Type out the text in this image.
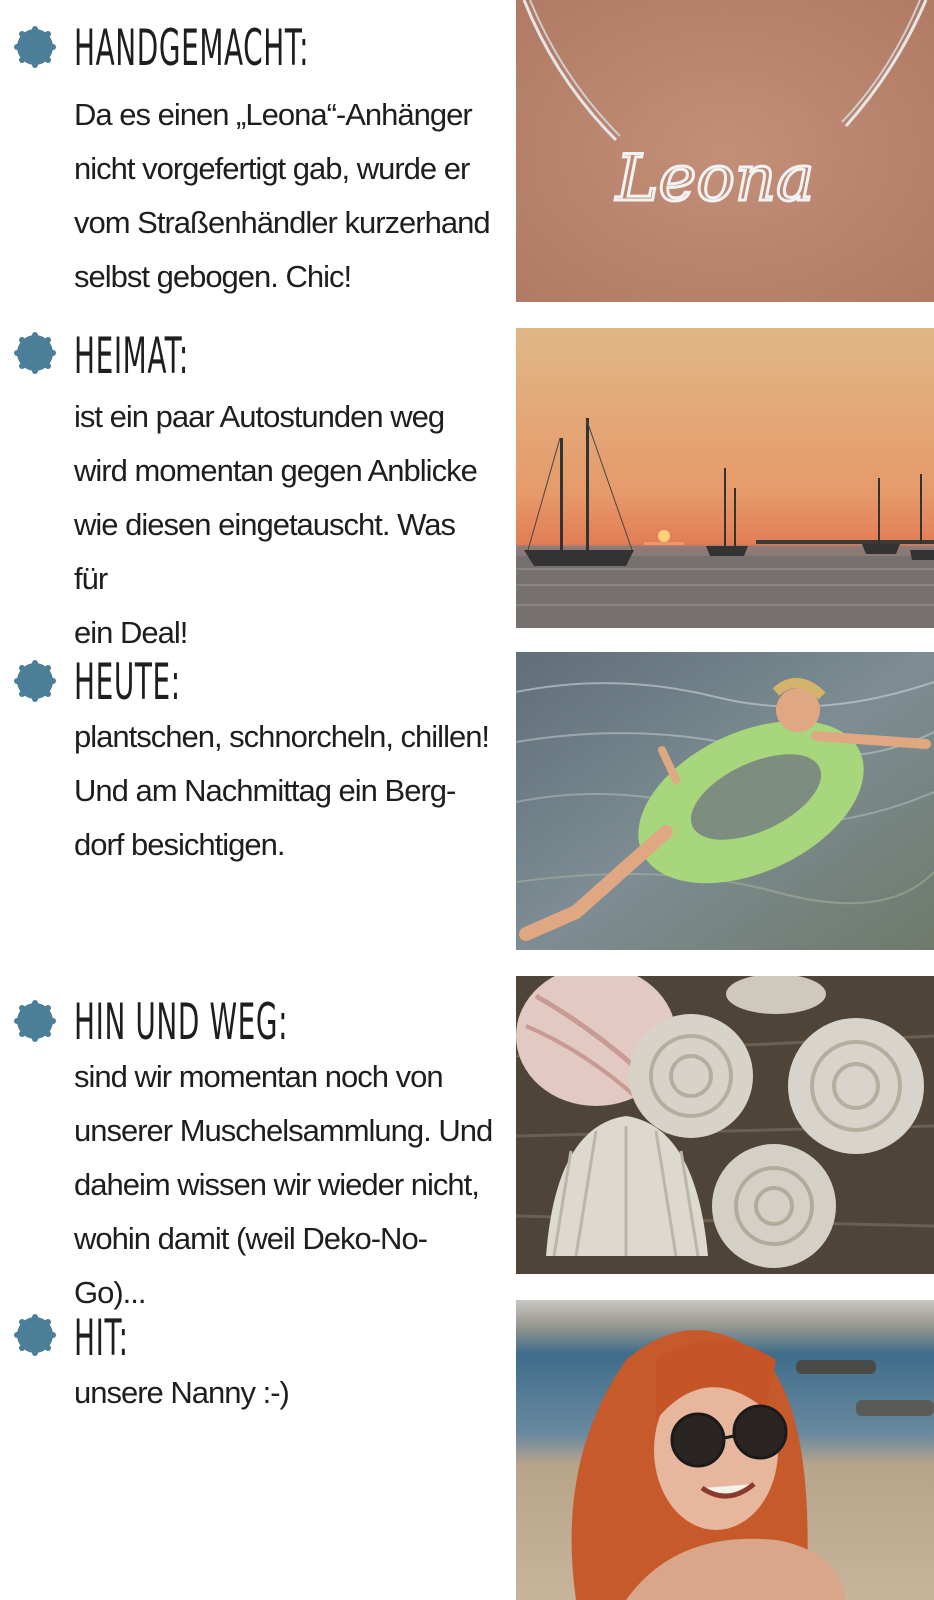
HANDGEMACHT:

Da es einen „Leona“-Anhänger
nicht vorgefertigt gab, wurde er
vom Straßenhändler kurzerhand
selbst gebogen. Chic!

Leona
HEIMAT:

ist ein paar Autostunden weg
wird momentan gegen Anblicke
wie diesen eingetauscht. Was für
ein Deal!

HEUTE:

plantschen, schnorcheln, chillen!
Und am Nachmittag ein Berg-
dorf besichtigen.

HIN UND WEG:

sind wir momentan noch von
unserer Muschelsammlung. Und
daheim wissen wir wieder nicht,
wohin damit (weil Deko-No-Go)...

HIT:

unsere Nanny :-)
